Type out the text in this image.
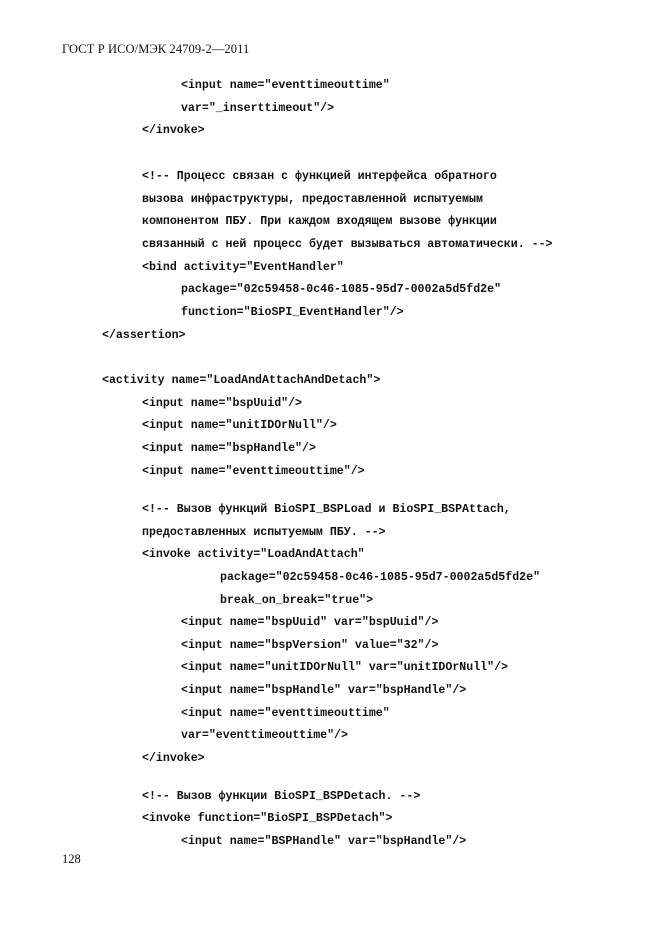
ГОСТ Р ИСО/МЭК 24709-2—2011
<input name="eventtimeouttime"
var="_inserttimeout"/>
</invoke>
<!-- Процесс связан с функцией интерфейса обратного
вызова инфраструктуры, предоставленной испытуемым
компонентом ПБУ. При каждом входящем вызове функции
связанный с ней процесс будет вызываться автоматически. -->
<bind activity="EventHandler"
package="02c59458-0c46-1085-95d7-0002a5d5fd2e"
function="BioSPI_EventHandler"/>
</assertion>
<activity name="LoadAndAttachAndDetach">
<input name="bspUuid"/>
<input name="unitIDOrNull"/>
<input name="bspHandle"/>
<input name="eventtimeouttime"/>
<!-- Вызов функций BioSPI_BSPLoad и BioSPI_BSPAttach,
предоставленных испытуемым ПБУ. -->
<invoke activity="LoadAndAttach"
package="02c59458-0c46-1085-95d7-0002a5d5fd2e"
break_on_break="true">
<input name="bspUuid" var="bspUuid"/>
<input name="bspVersion" value="32"/>
<input name="unitIDOrNull" var="unitIDOrNull"/>
<input name="bspHandle" var="bspHandle"/>
<input name="eventtimeouttime"
var="eventtimeouttime"/>
</invoke>
<!-- Вызов функции BioSPI_BSPDetach. -->
<invoke function="BioSPI_BSPDetach">
<input name="BSPHandle" var="bspHandle"/>
128
